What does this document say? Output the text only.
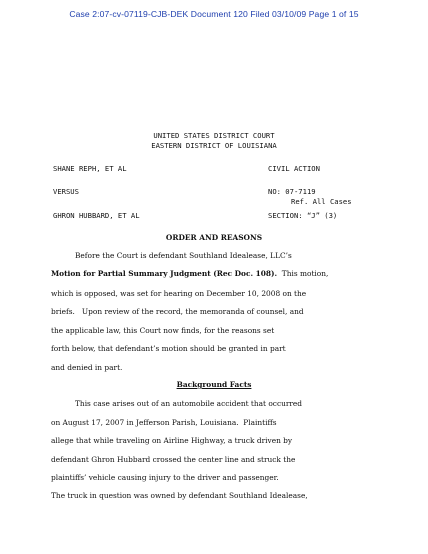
Case 2:07-cv-07119-CJB-DEK Document 120 Filed 03/10/09 Page 1 of 15
UNITED STATES DISTRICT COURT
EASTERN DISTRICT OF LOUISIANA
SHANE REPH, ET AL	CIVIL ACTION
VERSUS	NO: 07-7119
Ref. All Cases
GHRON HUBBARD, ET AL	SECTION: “J” (3)
ORDER AND REASONS
Before the Court is defendant Southland Idealease, LLC’s
Motion for Partial Summary Judgment (Rec Doc. 108).  This motion,
which is opposed, was set for hearing on December 10, 2008 on the
briefs.   Upon review of the record, the memoranda of counsel, and
the applicable law, this Court now finds, for the reasons set
forth below, that defendant’s motion should be granted in part
and denied in part.
Background Facts
This case arises out of an automobile accident that occurred
on August 17, 2007 in Jefferson Parish, Louisiana.  Plaintiffs
allege that while traveling on Airline Highway, a truck driven by
defendant Ghron Hubbard crossed the center line and struck the
plaintiffs’ vehicle causing injury to the driver and passenger.
The truck in question was owned by defendant Southland Idealease,
